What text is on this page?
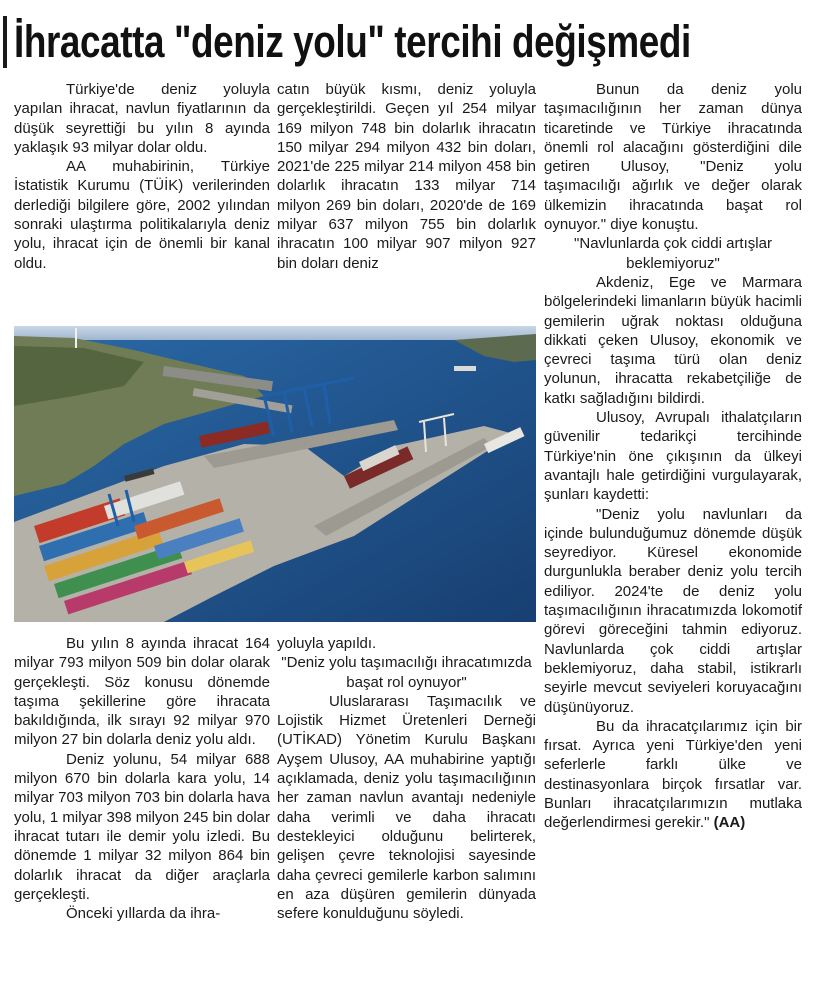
İhracatta "deniz yolu" tercihi değişmedi

Türkiye'de deniz yoluyla yapılan ihracat, navlun fiyatlarının da düşük seyrettiği bu yılın 8 ayında yaklaşık 93 milyar dolar oldu.

AA muhabirinin, Türkiye İstatistik Kurumu (TÜİK) verilerinden derlediği bilgilere göre, 2002 yılından sonraki ulaştırma politikalarıyla deniz yolu, ihracat için de önemli bir kanal oldu.

catın büyük kısmı, deniz yoluyla gerçekleştirildi. Geçen yıl 254 milyar 169 milyon 748 bin dolarlık ihracatın 150 milyar 294 milyon 432 bin doları, 2021'de 225 milyar 214 milyon 458 bin dolarlık ihracatın 133 milyar 714 milyon 269 bin doları, 2020'de de 169 milyar 637 milyon 755 bin dolarlık ihracatın 100 milyar 907 milyon 927 bin doları deniz

Bunun da deniz yolu taşımacılığının her zaman dünya ticaretinde ve Türkiye ihracatında önemli rol alacağını gösterdiğini dile getiren Ulusoy, "Deniz yolu taşımacılığı ağırlık ve değer olarak ülkemizin ihracatında başat rol oynuyor." diye konuştu.

"Navlunlarda çok ciddi artışlar beklemiyoruz"

Akdeniz, Ege ve Marmara bölgelerindeki limanların büyük hacimli gemilerin uğrak noktası olduğuna dikkati çeken Ulusoy, ekonomik ve çevreci taşıma türü olan deniz yolunun, ihracatta rekabetçiliğe de katkı sağladığını bildirdi.

Ulusoy, Avrupalı ithalatçıların güvenilir tedarikçi tercihinde Türkiye'nin öne çıkışının da ülkeyi avantajlı hale getirdiğini vurgulayarak, şunları kaydetti:

"Deniz yolu navlunları da içinde bulunduğumuz dönemde düşük seyrediyor. Küresel ekonomide durgunlukla beraber deniz yolu tercih ediliyor. 2024'te de deniz yolu taşımacılığının ihracatımızda lokomotif görevi göreceğini tahmin ediyoruz. Navlunlarda çok ciddi artışlar beklemiyoruz, daha stabil, istikrarlı seyirle mevcut seviyeleri koruyacağını düşünüyoruz.

Bu da ihracatçılarımız için bir fırsat. Ayrıca yeni Türkiye'den yeni seferlerle farklı ülke ve destinasyonlara birçok fırsatlar var. Bunları ihracatçılarımızın mutlaka değerlendirmesi gerekir." (AA)

Bu yılın 8 ayında ihracat 164 milyar 793 milyon 509 bin dolar olarak gerçekleşti. Söz konusu dönemde taşıma şekillerine göre ihracata bakıldığında, ilk sırayı 92 milyar 970 milyon 27 bin dolarla deniz yolu aldı.

Deniz yolunu, 54 milyar 688 milyon 670 bin dolarla kara yolu, 14 milyar 703 milyon 703 bin dolarla hava yolu, 1 milyar 398 milyon 245 bin dolar ihracat tutarı ile demir yolu izledi. Bu dönemde 1 milyar 32 milyon 864 bin dolarlık ihracat da diğer araçlarla gerçekleşti.

Önceki yıllarda da ihra-

yoluyla yapıldı.

"Deniz yolu taşımacılığı ihracatımızda başat rol oynuyor"

Uluslararası Taşımacılık ve Lojistik Hizmet Üretenleri Derneği (UTİKAD) Yönetim Kurulu Başkanı Ayşem Ulusoy, AA muhabirine yaptığı açıklamada, deniz yolu taşımacılığının her zaman navlun avantajı nedeniyle daha verimli ve daha ihracatı destekleyici olduğunu belirterek, gelişen çevre teknolojisi sayesinde daha çevreci gemilerle karbon salımını en aza düşüren gemilerin dünyada sefere konulduğunu söyledi.
